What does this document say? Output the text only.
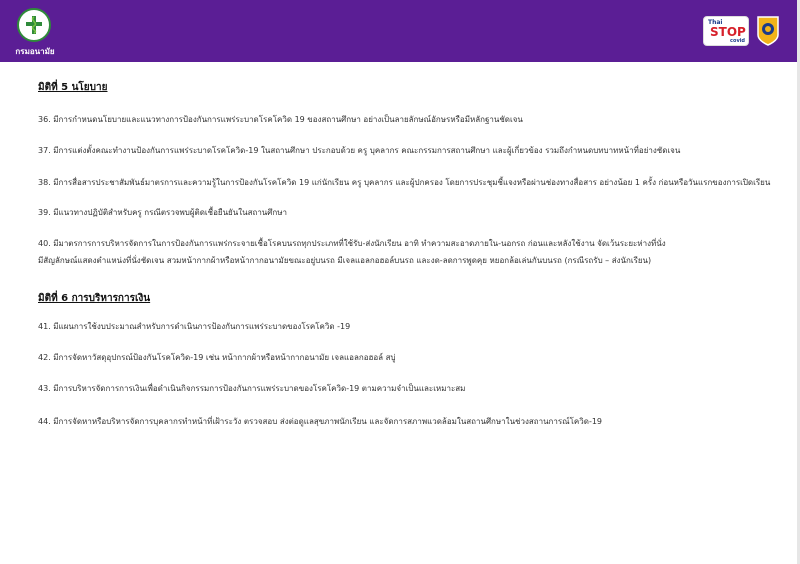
กรมอนามัย
Thai
STOP
covid
มิติที่ 5 นโยบาย
36. มีการกำหนดนโยบายและแนวทางการป้องกันการแพร่ระบาดโรคโควิด 19 ของสถานศึกษา อย่างเป็นลายลักษณ์อักษรหรือมีหลักฐานชัดเจน
37. มีการแต่งตั้งคณะทำงานป้องกันการแพร่ระบาดโรคโควิด-19 ในสถานศึกษา ประกอบด้วย ครู บุคลากร คณะกรรมการสถานศึกษา และผู้เกี่ยวข้อง รวมถึงกำหนดบทบาทหน้าที่อย่างชัดเจน
38. มีการสื่อสารประชาสัมพันธ์มาตรการและความรู้ในการป้องกันโรคโควิด 19 แก่นักเรียน ครู บุคลากร และผู้ปกครอง โดยการประชุมชี้แจงหรือผ่านช่องทางสื่อสาร อย่างน้อย 1 ครั้ง ก่อนหรือวันแรกของการเปิดเรียน
39. มีแนวทางปฏิบัติสำหรับครู กรณีตรวจพบผู้ติดเชื้อยืนยันในสถานศึกษา
40. มีมาตรการการบริหารจัดการในการป้องกันการแพร่กระจายเชื้อโรคบนรถทุกประเภทที่ใช้รับ-ส่งนักเรียน อาทิ ทำความสะอาดภายใน-นอกรถ ก่อนและหลังใช้งาน จัดเว้นระยะห่างที่นั่ง
มีสัญลักษณ์แสดงตำแหน่งที่นั่งชัดเจน สวมหน้ากากผ้าหรือหน้ากากอนามัยขณะอยู่บนรถ มีเจลแอลกอฮอล์บนรถ และงด-ลดการพูดคุย หยอกล้อเล่นกันบนรถ (กรณีรถรับ – ส่งนักเรียน)
มิติที่ 6 การบริหารการเงิน
41. มีแผนการใช้งบประมาณสำหรับการดำเนินการป้องกันการแพร่ระบาดของโรคโควิด -19
42. มีการจัดหาวัสดุอุปกรณ์ป้องกันโรคโควิด-19 เช่น หน้ากากผ้าหรือหน้ากากอนามัย เจลแอลกอฮอล์ สบู่
43. มีการบริหารจัดการการเงินเพื่อดำเนินกิจกรรมการป้องกันการแพร่ระบาดของโรคโควิด-19 ตามความจำเป็นและเหมาะสม
44. มีการจัดหาหรือบริหารจัดการบุคลากรทำหน้าที่เฝ้าระวัง ตรวจสอบ ส่งต่อดูแลสุขภาพนักเรียน และจัดการสภาพแวดล้อมในสถานศึกษาในช่วงสถานการณ์โควิด-19
